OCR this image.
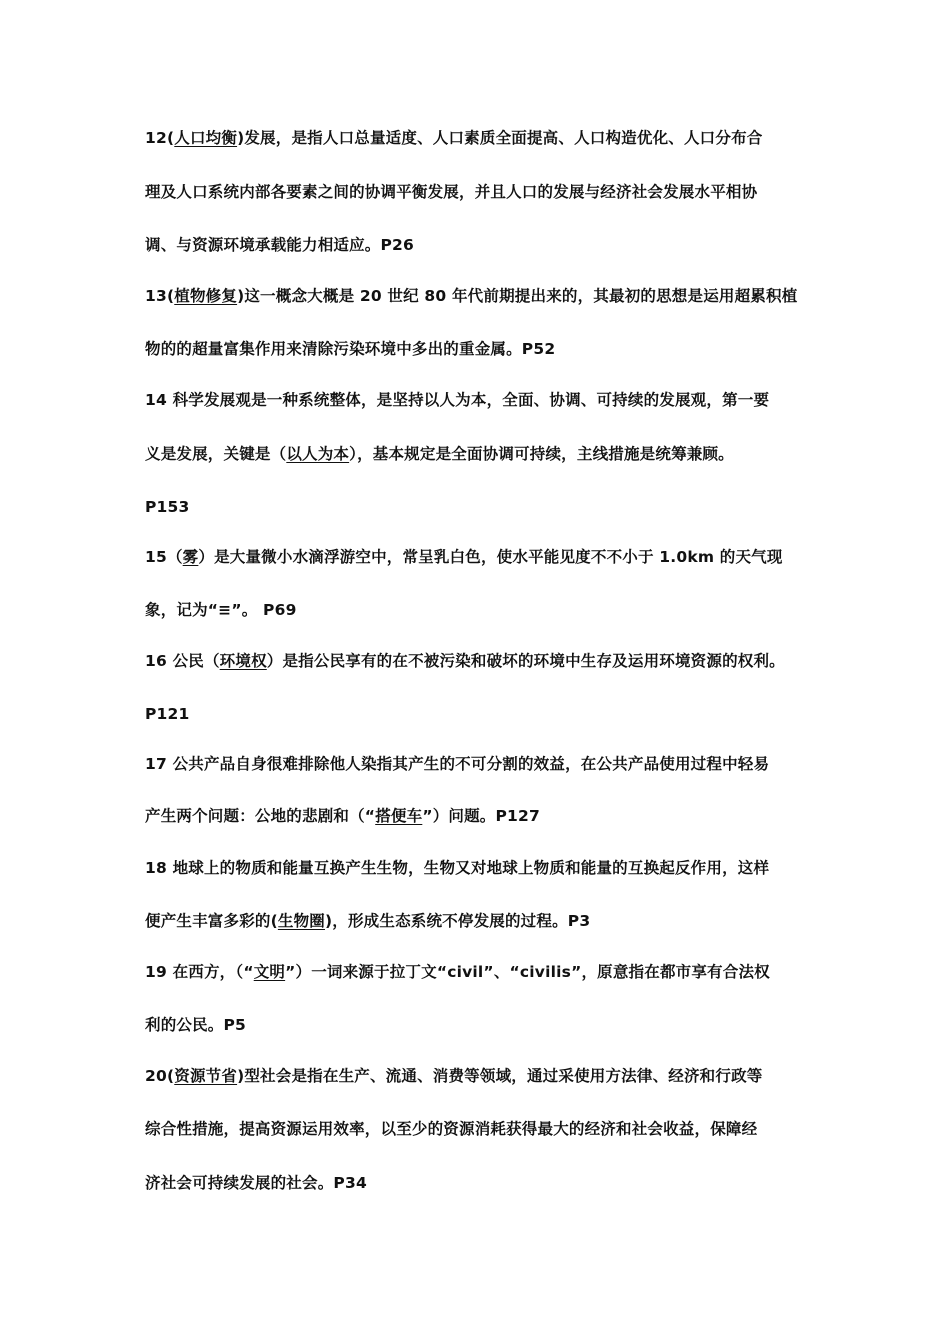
12(人口均衡)发展，是指人口总量适度、人口素质全面提高、人口构造优化、人口分布合
理及人口系统内部各要素之间的协调平衡发展，并且人口的发展与经济社会发展水平相协
调、与资源环境承载能力相适应。P26
13(植物修复)这一概念大概是 20 世纪 80 年代前期提出来的，其最初的思想是运用超累积植
物的的超量富集作用来清除污染环境中多出的重金属。P52
14 科学发展观是一种系统整体，是坚持以人为本，全面、协调、可持续的发展观，第一要
义是发展，关键是（以人为本），基本规定是全面协调可持续，主线措施是统筹兼顾。
P153
15（雾）是大量微小水滴浮游空中，常呈乳白色，使水平能见度不不小于 1.0km 的天气现
象，记为“≡”。 P69
16 公民（环境权）是指公民享有的在不被污染和破坏的环境中生存及运用环境资源的权利。
P121
17 公共产品自身很难排除他人染指其产生的不可分割的效益，在公共产品使用过程中轻易
产生两个问题：公地的悲剧和（“搭便车”）问题。P127
18 地球上的物质和能量互换产生生物，生物又对地球上物质和能量的互换起反作用，这样
便产生丰富多彩的(生物圈)，形成生态系统不停发展的过程。P3
19 在西方，（“文明”）一词来源于拉丁文“civil”、“civilis”，原意指在都市享有合法权
利的公民。P5
20(资源节省)型社会是指在生产、流通、消费等领域，通过采使用方法律、经济和行政等
综合性措施，提高资源运用效率，以至少的资源消耗获得最大的经济和社会收益，保障经
济社会可持续发展的社会。P34
